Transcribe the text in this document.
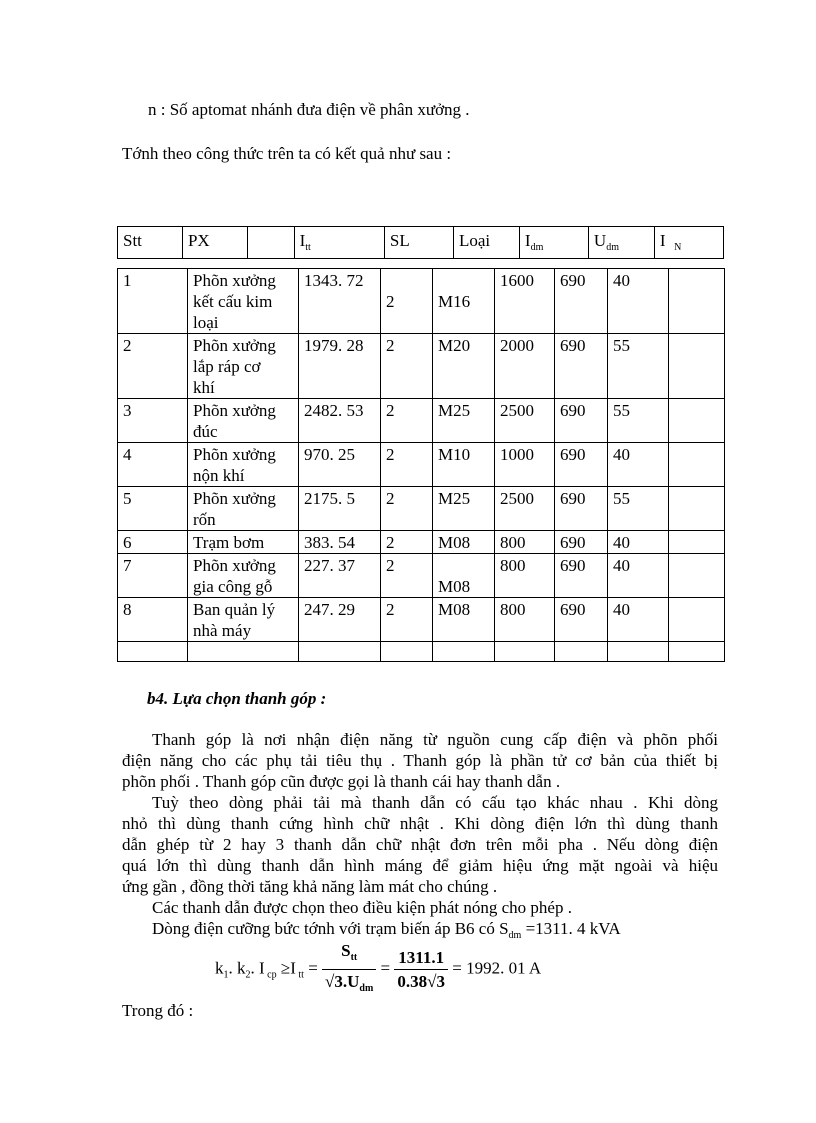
n : Số aptomat nhánh đưa điện về phân xưởng .
Tớnh theo công thức trên ta có kết quả như sau :
Stt	PX		$I_{tt}$	SL	Loại	$I_{dm}$	$U_{dm}$	I $_N$
1	Phõn xưởng
kết cấu kim
loại	1343. 72	2	M16	1600	690	40	
2	Phõn xưởng
lắp ráp cơ
khí	1979. 28	2	M20	2000	690	55	
3	Phõn xưởng
đúc	2482. 53	2	M25	2500	690	55	
4	Phõn xưởng
nộn khí	970. 25	2	M10	1000	690	40	
5	Phõn xưởng
rốn	2175. 5	2	M25	2500	690	55	
6	Trạm bơm	383. 54	2	M08	800	690	40	
7	Phõn xưởng
gia công gỗ	227. 37	2	M08	800	690	40	
8	Ban quản lý
nhà máy	247. 29	2	M08	800	690	40	

b4. Lựa chọn thanh góp :
Thanh góp là nơi nhận điện năng từ nguồn cung cấp điện và phõn phối
điện năng cho các phụ tải tiêu thụ . Thanh góp là phần tử cơ bản của thiết bị
phõn phối . Thanh góp cũn được gọi là thanh cái hay thanh dẫn .
Tuỳ theo dòng phải tải mà thanh dẫn có cấu tạo khác nhau . Khi dòng
nhỏ thì dùng thanh cứng hình chữ nhật . Khi dòng điện lớn thì dùng thanh
dẫn ghép từ 2 hay 3 thanh dẫn chữ nhật đơn trên mỗi pha . Nếu dòng điện
quá lớn thì dùng thanh dẫn hình máng để giảm hiệu ứng mặt ngoài và hiệu
ứng gần , đồng thời tăng khả năng làm mát cho chúng .
Các thanh dẫn được chọn theo điều kiện phát nóng cho phép .
Dòng điện cưỡng bức tớnh với trạm biến áp B6 có $S_{dm} =1311$. 4 kVA
$k_1$. $k_2$. I $_{cp}$ ≥I $_{tt} = \frac{S_{tt}}{√3.U_{dm}} = \frac{1311.1}{0.38√3} = 1992$. 01 A
Trong đó :
